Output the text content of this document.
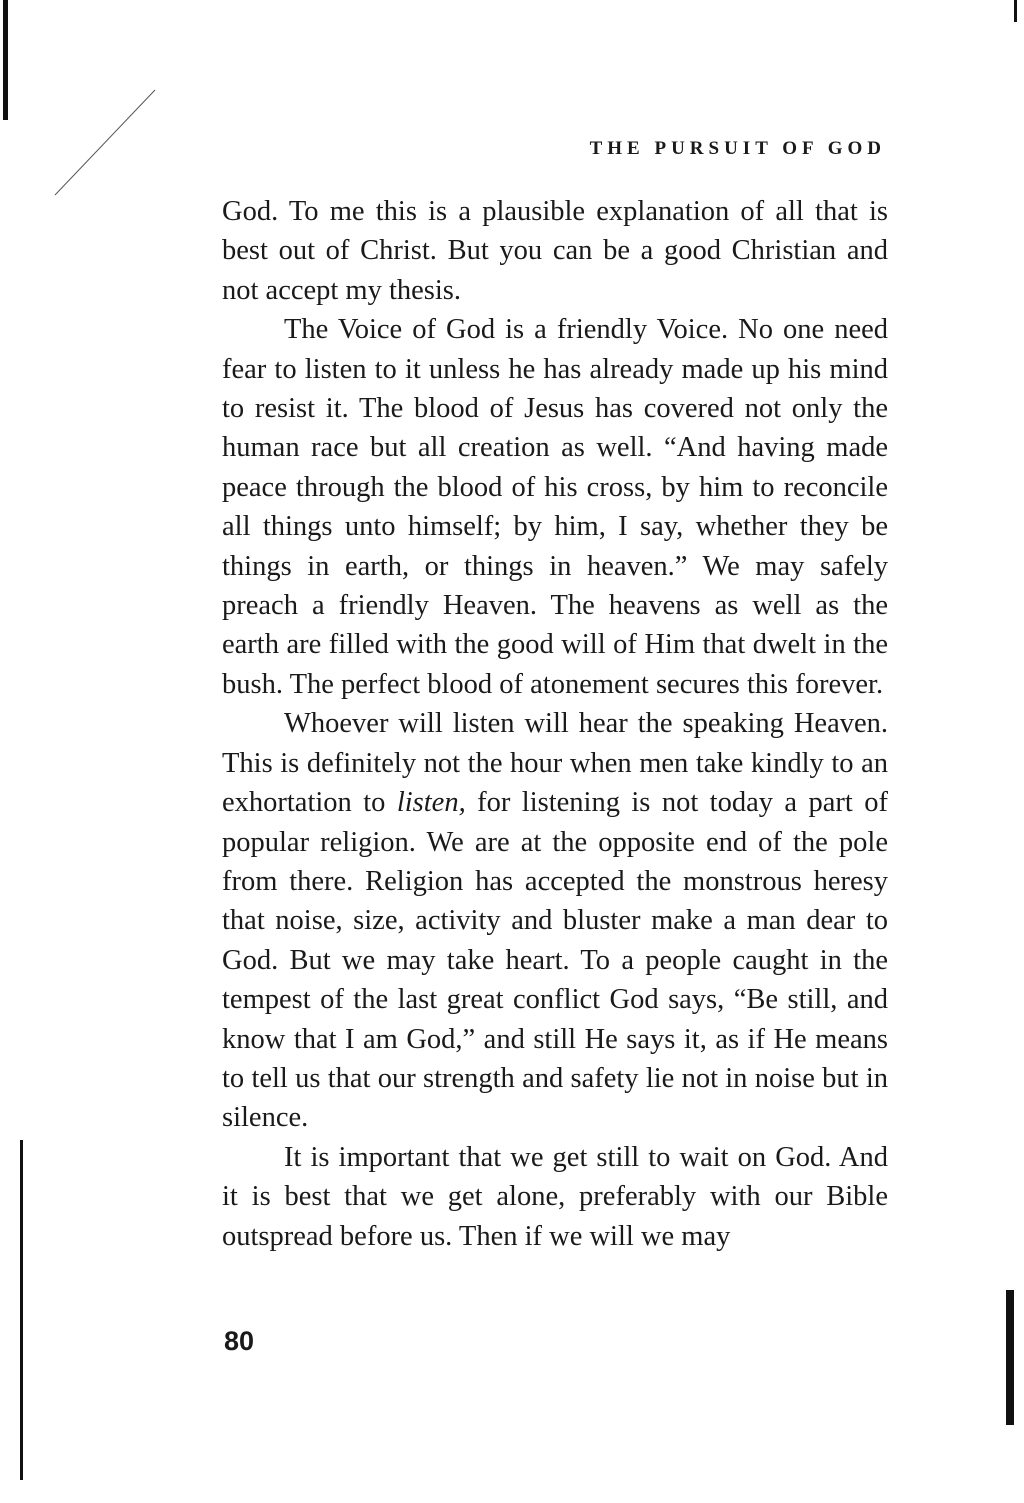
THE PURSUIT OF GOD

God. To me this is a plausible explanation of all that is best out of Christ. But you can be a good Christian and not accept my thesis.

The Voice of God is a friendly Voice. No one need fear to listen to it unless he has already made up his mind to resist it. The blood of Jesus has covered not only the human race but all creation as well. “And having made peace through the blood of his cross, by him to reconcile all things unto himself; by him, I say, whether they be things in earth, or things in heaven.” We may safely preach a friendly Heaven. The heavens as well as the earth are filled with the good will of Him that dwelt in the bush. The perfect blood of atonement secures this forever.

Whoever will listen will hear the speaking Heaven. This is definitely not the hour when men take kindly to an exhortation to listen, for listening is not today a part of popular religion. We are at the opposite end of the pole from there. Religion has accepted the monstrous heresy that noise, size, activity and bluster make a man dear to God. But we may take heart. To a people caught in the tempest of the last great conflict God says, “Be still, and know that I am God,” and still He says it, as if He means to tell us that our strength and safety lie not in noise but in silence.

It is important that we get still to wait on God. And it is best that we get alone, preferably with our Bible outspread before us. Then if we will we may

80
